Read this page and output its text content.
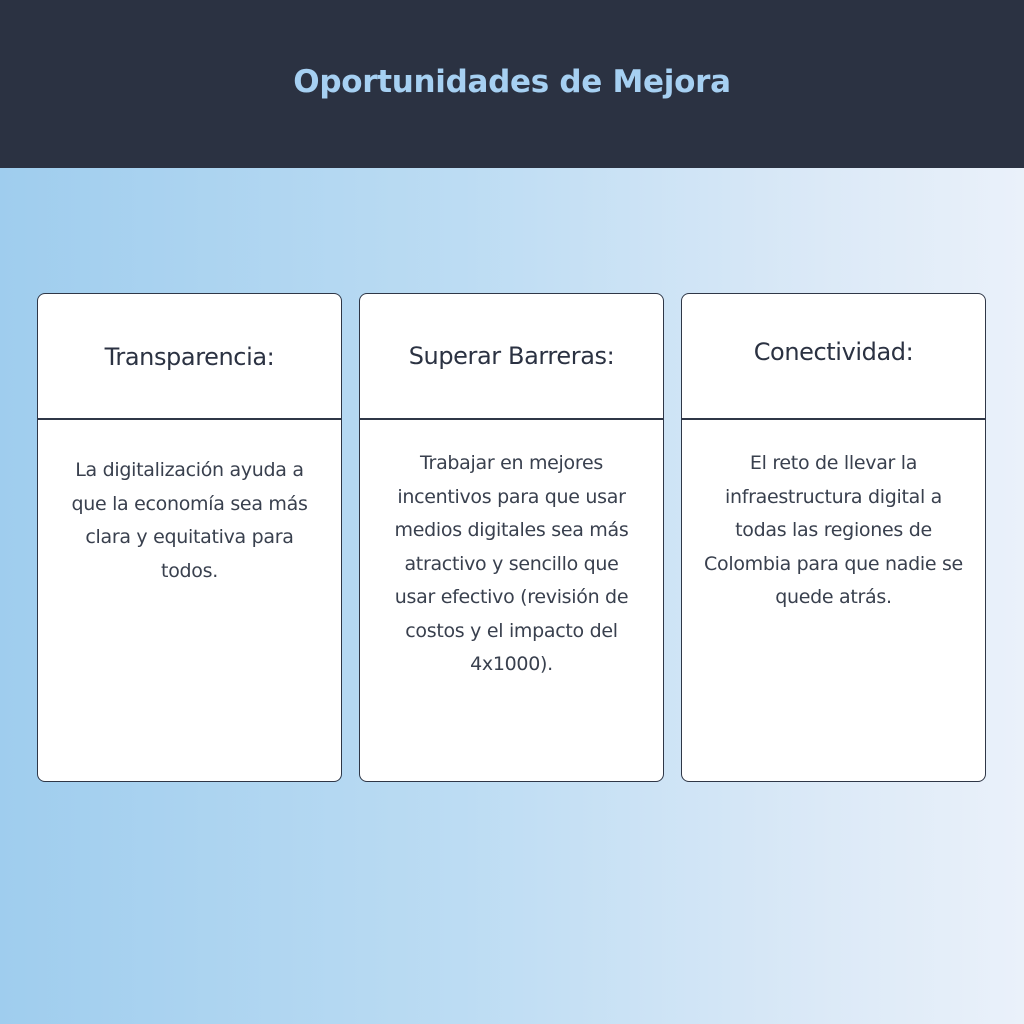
Oportunidades de Mejora
Transparencia:

La digitalización ayuda a que la economía sea más clara y equitativa para todos.

Superar Barreras:

Trabajar en mejores incentivos para que usar medios digitales sea más atractivo y sencillo que usar efectivo (revisión de costos y el impacto del 4x1000).

Conectividad:

El reto de llevar la infraestructura digital a todas las regiones de Colombia para que nadie se quede atrás.
